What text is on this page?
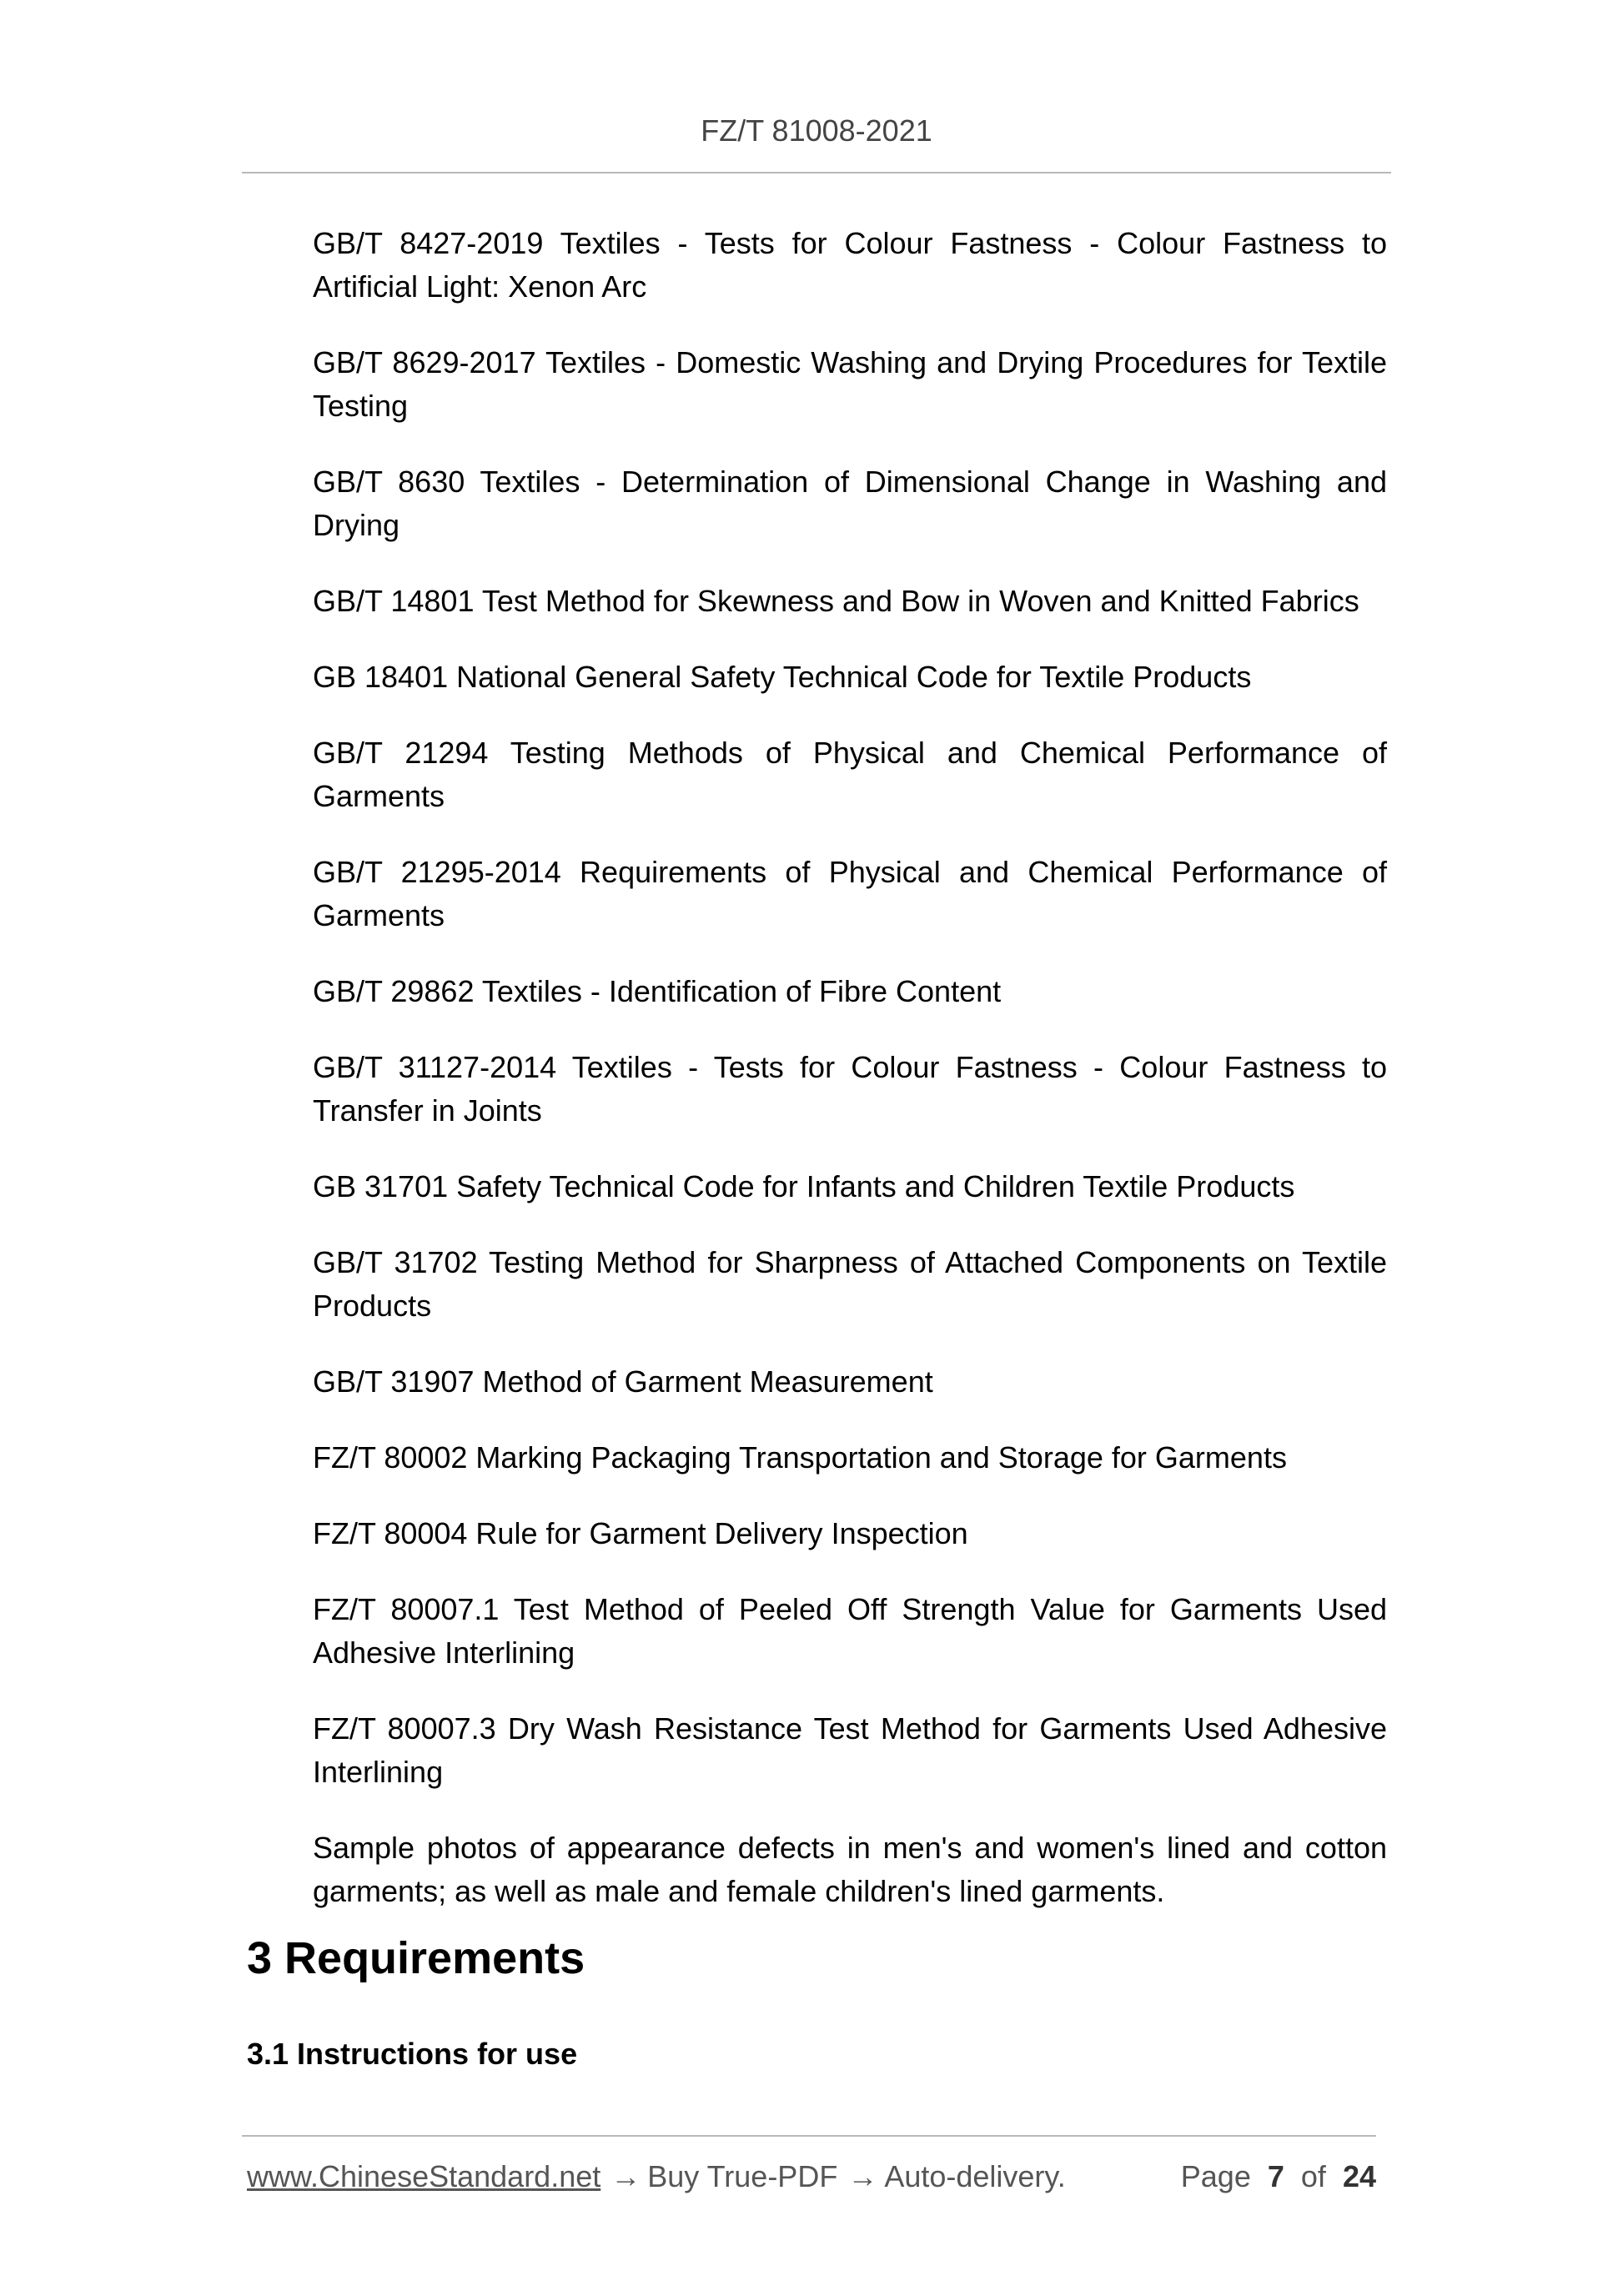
FZ/T 81008-2021
GB/T 8427-2019 Textiles - Tests for Colour Fastness - Colour Fastness to Artificial Light: Xenon Arc
GB/T 8629-2017 Textiles - Domestic Washing and Drying Procedures for Textile Testing
GB/T 8630 Textiles - Determination of Dimensional Change in Washing and Drying
GB/T 14801 Test Method for Skewness and Bow in Woven and Knitted Fabrics
GB 18401 National General Safety Technical Code for Textile Products
GB/T 21294 Testing Methods of Physical and Chemical Performance of Garments
GB/T 21295-2014 Requirements of Physical and Chemical Performance of Garments
GB/T 29862 Textiles - Identification of Fibre Content
GB/T 31127-2014 Textiles - Tests for Colour Fastness - Colour Fastness to Transfer in Joints
GB 31701 Safety Technical Code for Infants and Children Textile Products
GB/T 31702 Testing Method for Sharpness of Attached Components on Textile Products
GB/T 31907 Method of Garment Measurement
FZ/T 80002 Marking Packaging Transportation and Storage for Garments
FZ/T 80004 Rule for Garment Delivery Inspection
FZ/T 80007.1 Test Method of Peeled Off Strength Value for Garments Used Adhesive Interlining
FZ/T 80007.3 Dry Wash Resistance Test Method for Garments Used Adhesive Interlining
Sample photos of appearance defects in men's and women's lined and cotton garments; as well as male and female children's lined garments.
3 Requirements
3.1 Instructions for use
www.ChineseStandard.net → Buy True-PDF → Auto-delivery.	Page 7 of 24
